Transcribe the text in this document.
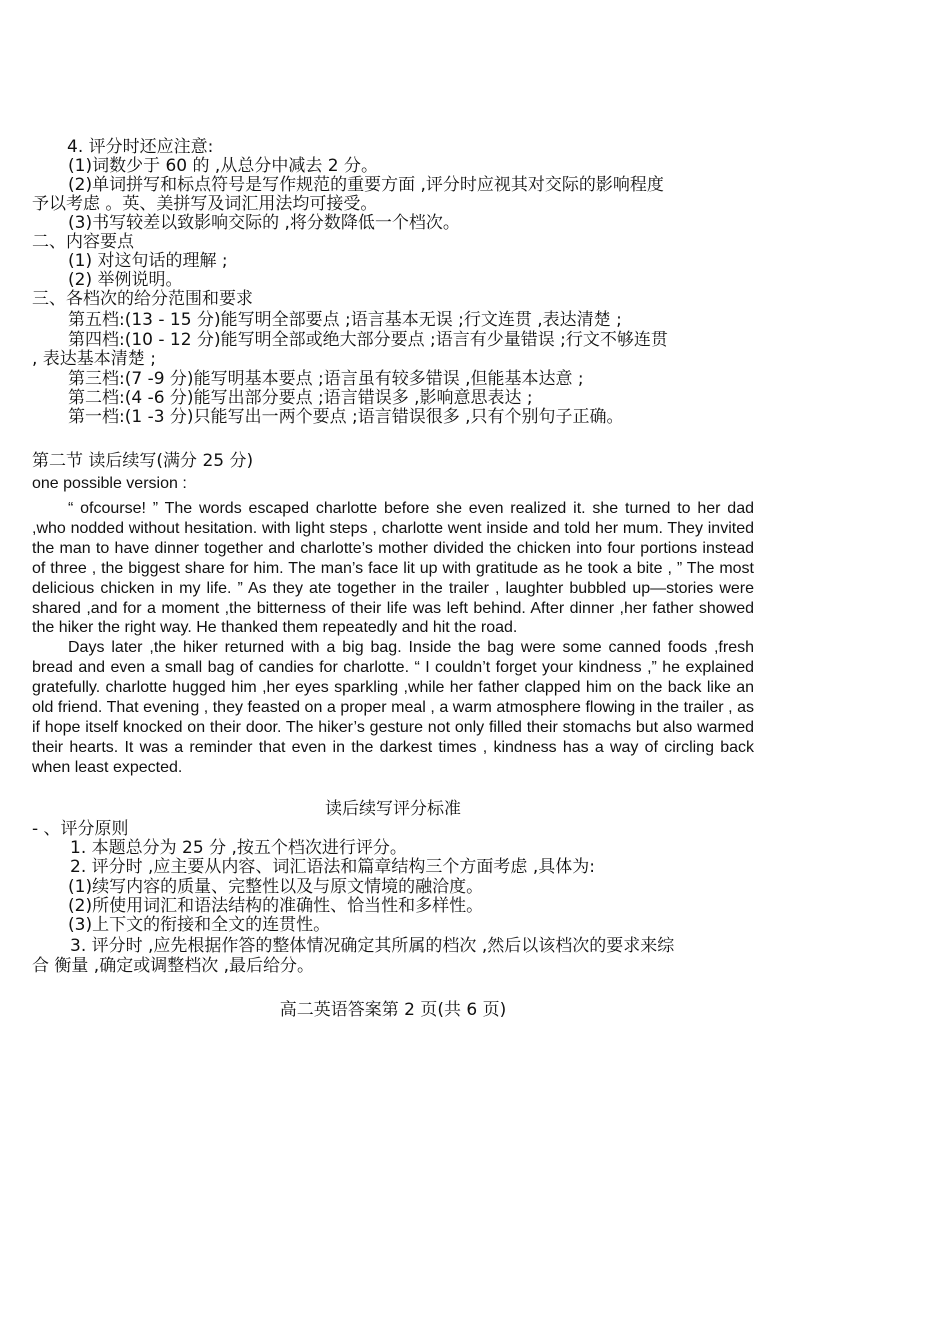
4. 评分时还应注意:
(1)词数少于 60 的 ,从总分中减去 2 分。
(2)单词拼写和标点符号是写作规范的重要方面 ,评分时应视其对交际的影响程度
予以考虑 。英、美拼写及词汇用法均可接受。
(3)书写较差以致影响交际的 ,将分数降低一个档次。
二、内容要点
(1) 对这句话的理解 ;
(2) 举例说明。
三、各档次的给分范围和要求
第五档:(13 - 15 分)能写明全部要点 ;语言基本无误 ;行文连贯 ,表达清楚 ;
第四档:(10 - 12 分)能写明全部或绝大部分要点 ;语言有少量错误 ;行文不够连贯
, 表达基本清楚 ;
第三档:(7 -9 分)能写明基本要点 ;语言虽有较多错误 ,但能基本达意 ;
第二档:(4 -6 分)能写出部分要点 ;语言错误多 ,影响意思表达 ;
第一档:(1 -3 分)只能写出一两个要点 ;语言错误很多 ,只有个别句子正确。
第二节 读后续写(满分 25 分)
one possible version :

“ ofcourse! ” The words escaped charlotte before she even realized it. she turned to her dad ,who nodded without hesitation. with light steps , charlotte went inside and told her mum. They invited the man to have dinner together and charlotte’s mother divided the chicken into four portions instead of three , the biggest share for him. The man’s face lit up with gratitude as he took a bite , ” The most delicious chicken in my life. ” As they ate together in the trailer , laughter bubbled up—stories were shared ,and for a moment ,the bitterness of their life was left behind. After dinner ,her father showed the hiker the right way. He thanked them repeatedly and hit the road.

Days later ,the hiker returned with a big bag. Inside the bag were some canned foods ,fresh bread and even a small bag of candies for charlotte. “ I couldn’t forget your kindness ,” he explained gratefully. charlotte hugged him ,her eyes sparkling ,while her father clapped him on the back like an old friend. That evening , they feasted on a proper meal , a warm atmosphere flowing in the trailer , as if hope itself knocked on their door. The hiker’s gesture not only filled their stomachs but also warmed their hearts. It was a reminder that even in the darkest times , kindness has a way of circling back when least expected.

读后续写评分标准
- 、评分原则
1. 本题总分为 25 分 ,按五个档次进行评分。
2. 评分时 ,应主要从内容、词汇语法和篇章结构三个方面考虑 ,具体为:
(1)续写内容的质量、完整性以及与原文情境的融洽度。
(2)所使用词汇和语法结构的准确性、恰当性和多样性。
(3)上下文的衔接和全文的连贯性。
3. 评分时 ,应先根据作答的整体情况确定其所属的档次 ,然后以该档次的要求来综
合 衡量 ,确定或调整档次 ,最后给分。
高二英语答案第 2 页(共 6 页)
